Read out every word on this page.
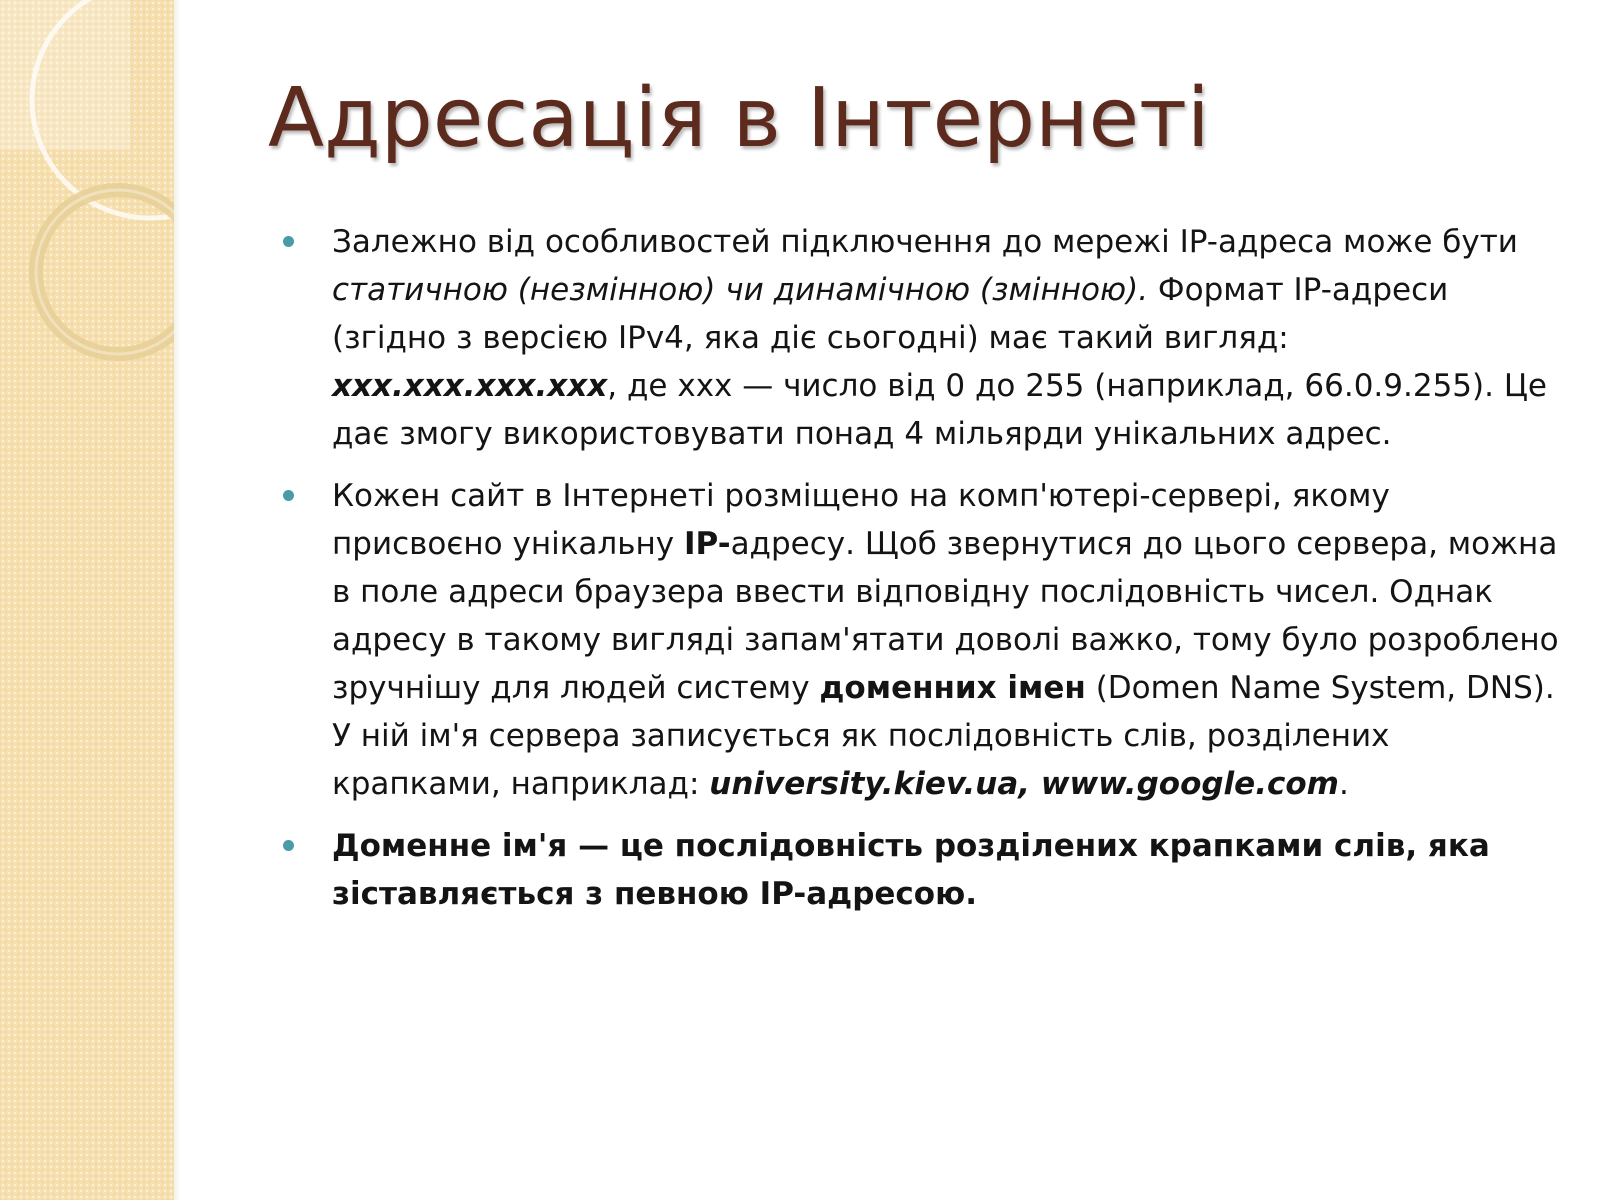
Адресація в Інтернеті
Залежно від особливостей підключення до мережі IP-адреса може бути статичною (незмінною) чи динамічною (змінною). Формат IP-адреси (згідно з версією IPv4, яка діє сьогодні) має такий вигляд: xxx.xxx.xxx.xxx, де xxx — число від 0 до 255 (наприклад, 66.0.9.255). Це дає змогу використовувати понад 4 мільярди унікальних адрес.
Кожен сайт в Інтернеті розміщено на комп'ютері-сервері, якому присвоєно унікальну IP-адресу. Щоб звернутися до цього сервера, можна в поле адреси браузера ввести відповідну послідовність чисел. Однак адресу в такому вигляді запам'ятати доволі важко, тому було розроблено зручнішу для людей систему доменних імен (Domen Name System, DNS). У ній ім'я сервера записується як послідовність слів, розділених крапками, наприклад: university.kiev.ua, www.google.com.
Доменне ім'я — це послідовність розділених крапками слів, яка зіставляється з певною IP-адресою.
